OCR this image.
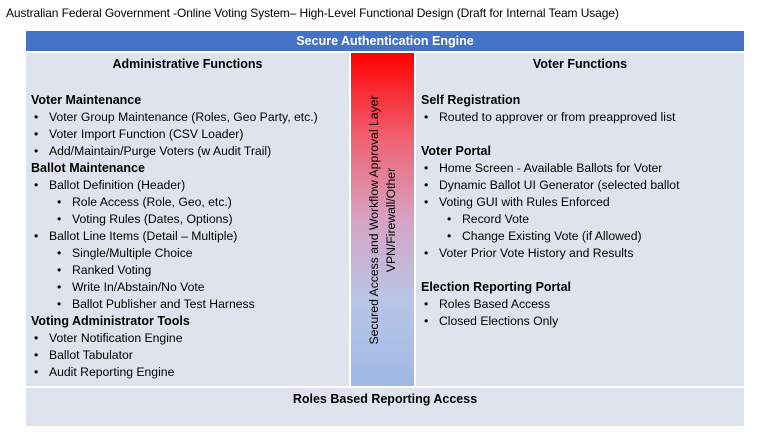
Australian Federal Government -Online Voting System– High-Level Functional Design (Draft for Internal Team Usage)
Secure Authentication Engine
Administrative Functions
Voter Maintenance
• Voter Group Maintenance (Roles, Geo Party, etc.)
• Voter Import Function (CSV Loader)
• Add/Maintain/Purge Voters (w Audit Trail)
Ballot Maintenance
• Ballot Definition (Header)
• Role Access (Role, Geo, etc.)
• Voting Rules (Dates, Options)
• Ballot Line Items (Detail – Multiple)
• Single/Multiple Choice
• Ranked Voting
• Write In/Abstain/No Vote
• Ballot Publisher and Test Harness
Voting Administrator Tools
• Voter Notification Engine
• Ballot Tabulator
• Audit Reporting Engine
Secured Access and Workflow Approval Layer VPN/Firewall/Other
Voter Functions
Self Registration
• Routed to approver or from preapproved list
Voter Portal
• Home Screen - Available Ballots for Voter
• Dynamic Ballot UI Generator (selected ballot
• Voting GUI with Rules Enforced
• Record Vote
• Change Existing Vote (if Allowed)
• Voter Prior Vote History and Results
Election Reporting Portal
• Roles Based Access
• Closed Elections Only
Roles Based Reporting Access
